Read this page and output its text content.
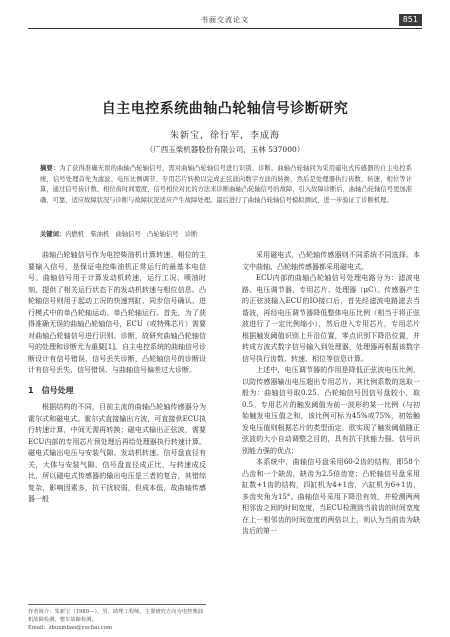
书面交流论文	851
自主电控系统曲轴凸轮轴信号诊断研究
朱新宝，徐行军，李成海
（广西玉柴机器股份有限公司，玉林 537000）
摘要：为了获得准确无误的曲轴凸轮轴信号，需对曲轴凸轮轴信号进行识别、诊断。曲轴凸轮轴同为采用磁电式传感器的自主电控系统，信号处理首先为滤波、电压比例调节、专用芯片转换以完成正弦波向数字方波的转换，然后是处理器执行齿数、转速、相位等计算，通过信号齿计数、相位齿时间宽度，信号相位对比的方法来诊断曲轴凸轮轴信号的故障，引入故障诊断后，曲轴凸轮轴信号更加准确、可靠，适应故障状况与诊断与故障状况适应产生故障处理。最后进行了曲轴凸轮轴信号模拟测试，进一步验证了诊断机理。
关键词：内燃机　柴油机　曲轴信号　凸轮轴信号　诊断

曲轴凸轮轴信号作为电控柴油机计算转速、相位的主要输入信号，是保证电控柴油机正常运行的最基本电信号。曲轴信号用于计算发动机转速，运行工况、喷油时刻，提供了相关运行状态下的发动机转速与相位信息。凸轮轴信号则用于起动工况的快速判缸、同步信号确认、进行模式中的单凸轮轴运动、单凸轮轴运行。首先，为了获得准确无误的曲轴凸轮轴信号，ECU（或特殊芯片）需要对曲轴凸轮轴信号进行识别、诊断，故研究曲轴凸轮轴信号的处理和诊断尤为重要[1]。自主电控系统的曲轴信号诊断设计有信号错误、信号丢失诊断，凸轮轴信号的诊断设计有信号丢失、信号错误、与曲轴信号偏差过大诊断。

1　信号处理

根据结构的不同，目前主流的曲轴凸轮轴传感器分为霍尔式和磁电式。霍尔式直接输出方波，可直接供ECU执行转速计算，中间无需再转换；磁电式输出正弦波，需要ECU内部的专用芯片预处理后再给处理器执行转速计算。磁电式输出电压与安装气隙、发动机转速、信号盘直径有关，大体与安装气隙、信号盘直径成正比，与转速成反比，所以磁电式传感器的输出电压是三者的复合，其错综复杂，影响因素多，抗干扰较弱，但成本低，故曲轴传感器一般

采用磁电式，凸轮轴传感器则不同系统不同选择。本文中曲轴、凸轮轴传感器都采用磁电式。

ECU内部的曲轴凸轮轴信号处理电路分为：滤波电路、电压调节器、专用芯片、处理器（μC）。传感器产生的正弦波输入ECU的IO接口后，首先经滤波电路滤去当谐波，再经电压调节器降低整体电压比例（相当于将正弦波进行了一定比例缩小），然后进入专用芯片，专用芯片根据触发阈值识别上升沿位置，零点识别下降沿位置，并转成方波式数字信号输入到处理器，处理器再根据该数字信号执行齿数、转速、相位等信息计算。

上述中，电压调节器的作用是降低正弦波电压比例，以防传感器输出电压超出专用芯片。其比例系数的选取一般为：曲轴信号取0.25，凸轮轴信号因信号盘较小，取0.5。专用芯片的触发阈值为前一波形的某一比例（与初始触发电压值之和，该比例可标为45%或75%，初始触发电压值则根据芯片的类型而定，欧实现了触发阈值随正弦波的大小自动调整之目的，具有抗干扰能力强、信号识别能力强的优点；

本系统中，曲轴信号盘采用60-2齿的结构，即58个凸齿和一个缺齿，缺齿为2.5倍齿宽；凸轮轴信号盘采用缸数+1齿的结构，四缸机为4+1齿，六缸机为6+1齿，多齿夹角为15°。曲轴信号采用下降沿有效，并检测两两相邻齿之间的时间宽度，当ECU检测到当前齿的时间宽度在上一相邻齿的时间宽度的两倍以上，则认为当前齿为缺齿后的第一

作者简介：朱新宝（1989—），男，助理工程师，主要研究方向为电控柴油机故障检测、整车故障检测。
Email：zhuxinbao@yuchai.com
